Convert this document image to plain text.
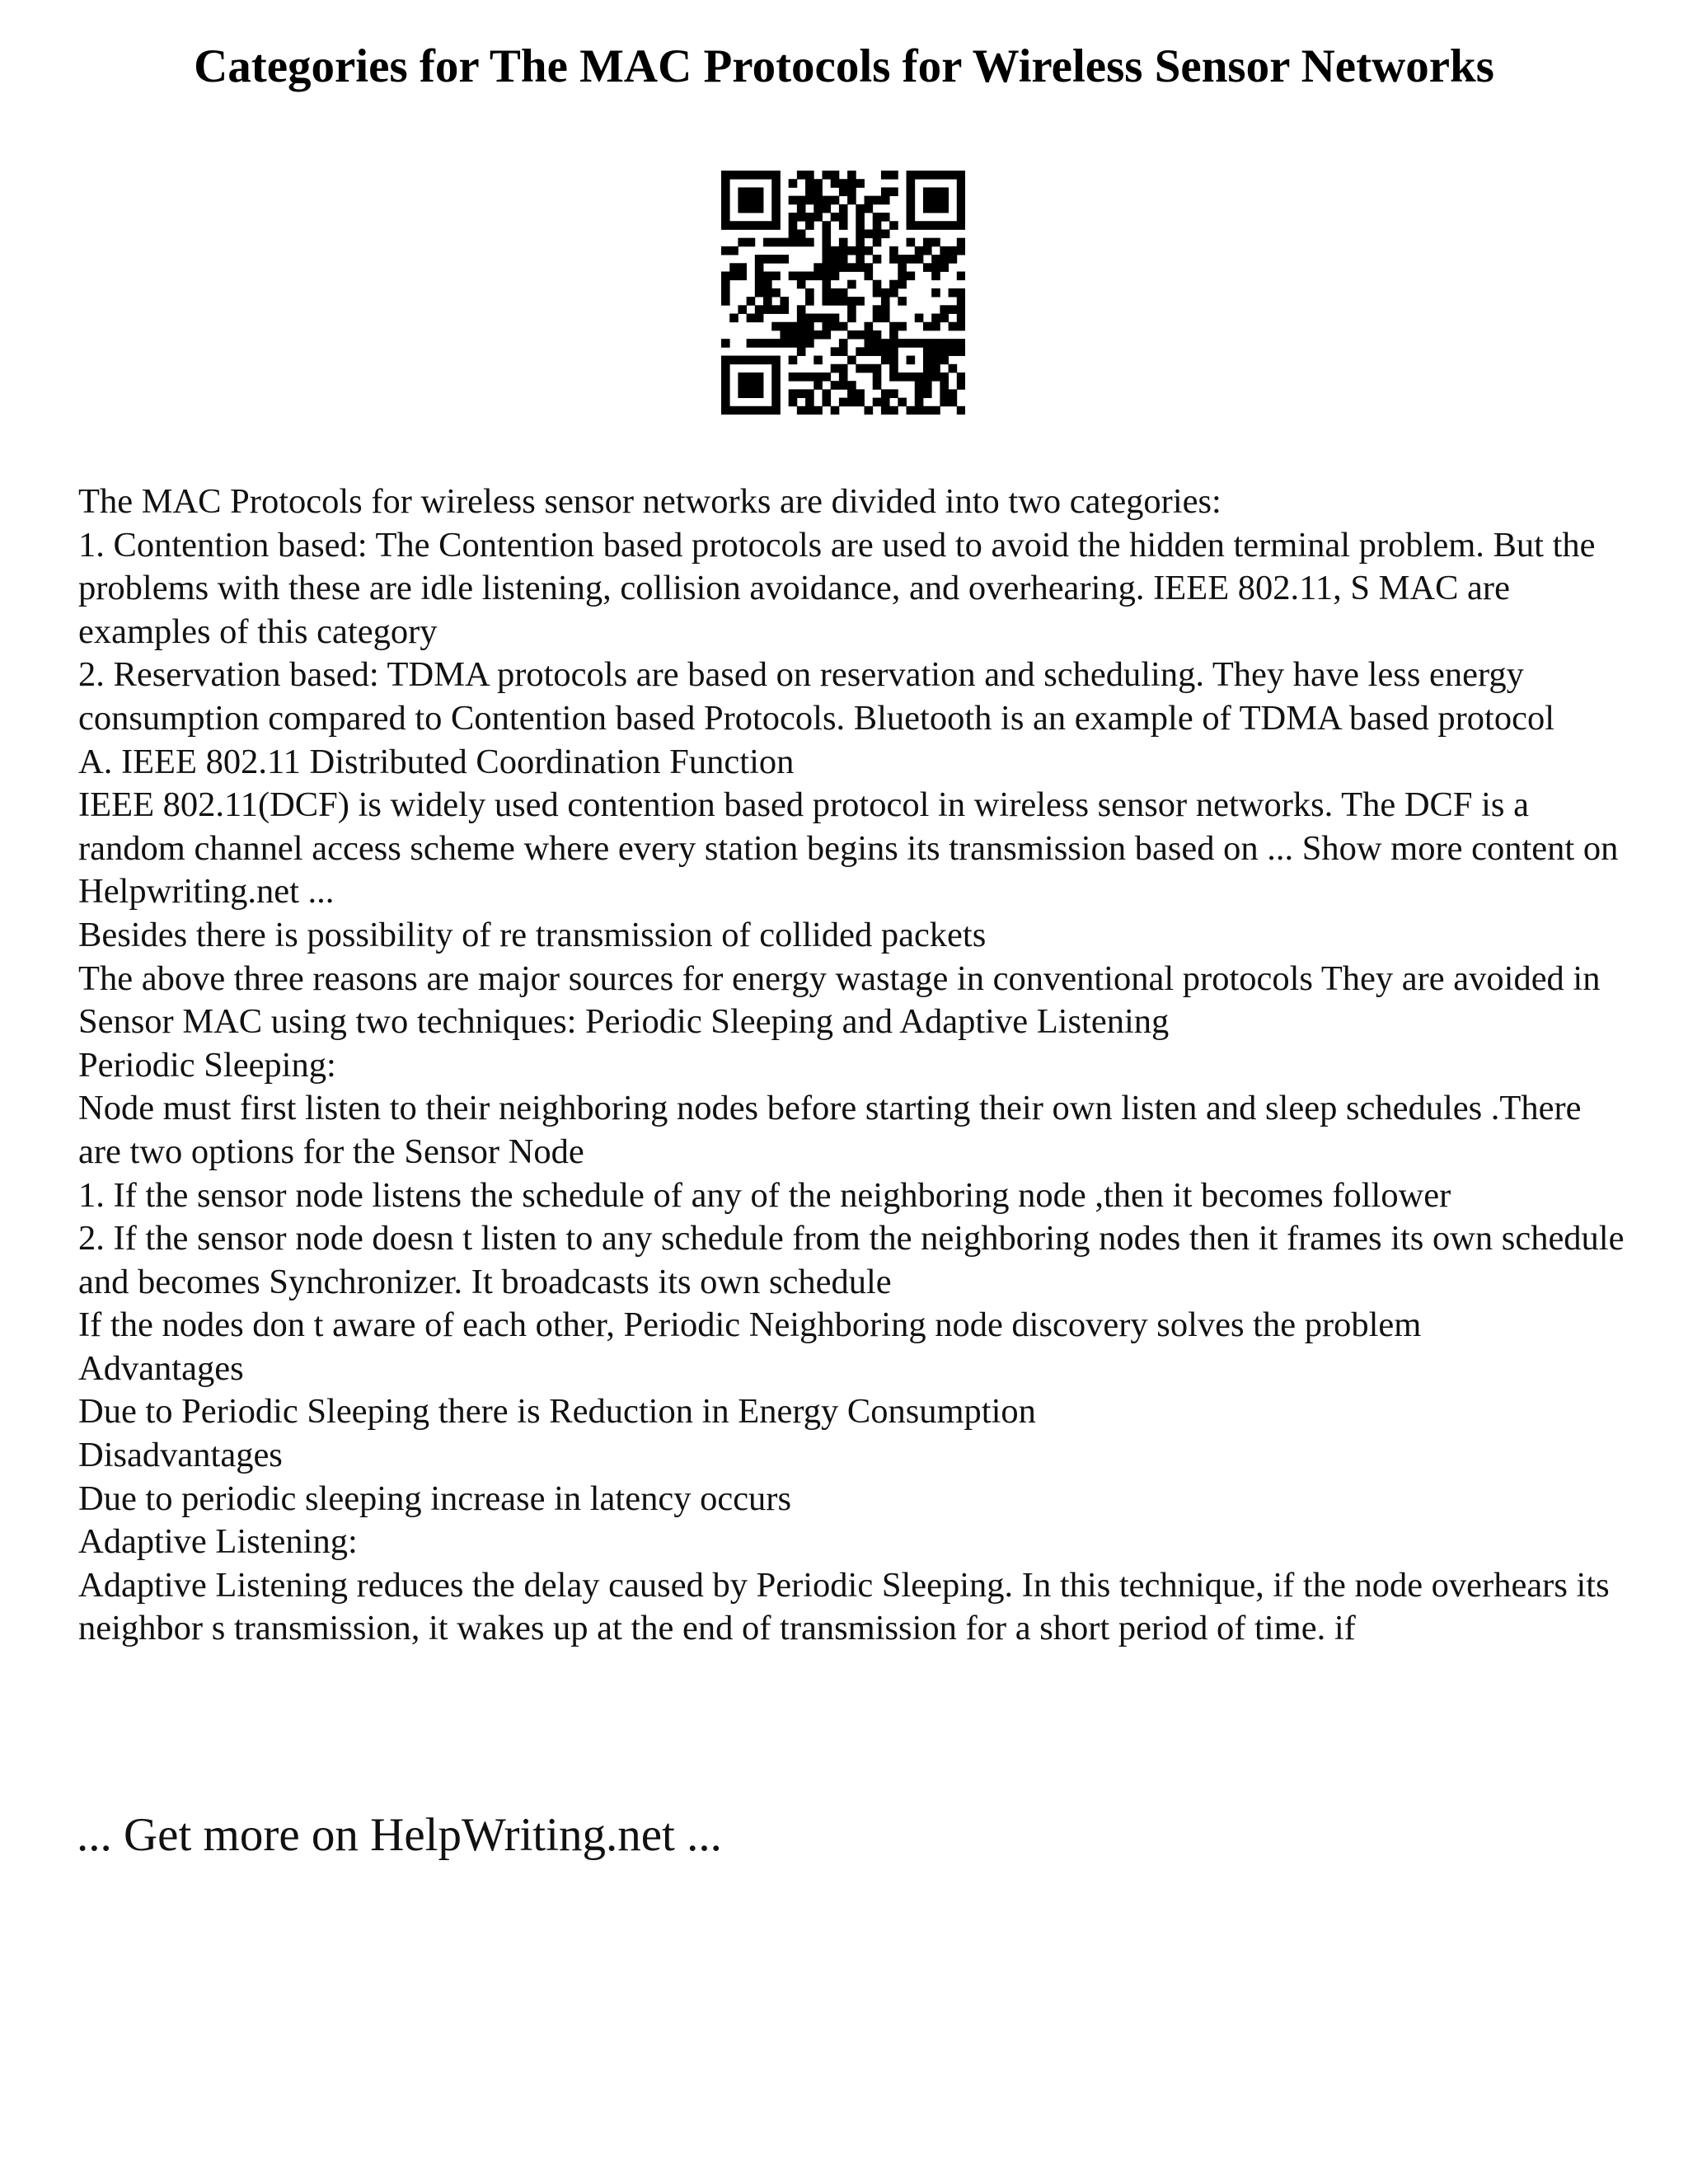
Categories for The MAC Protocols for Wireless Sensor Networks

The MAC Protocols for wireless sensor networks are divided into two categories:

1. Contention based: The Contention based protocols are used to avoid the hidden terminal problem. But the problems with these are idle listening, collision avoidance, and overhearing. IEEE 802.11, S MAC are examples of this category

2. Reservation based: TDMA protocols are based on reservation and scheduling. They have less energy consumption compared to Contention based Protocols. Bluetooth is an example of TDMA based protocol

A. IEEE 802.11 Distributed Coordination Function

IEEE 802.11(DCF) is widely used contention based protocol in wireless sensor networks. The DCF is a random channel access scheme where every station begins its transmission based on ... Show more content on Helpwriting.net ...

Besides there is possibility of re transmission of collided packets

The above three reasons are major sources for energy wastage in conventional protocols They are avoided in Sensor MAC using two techniques: Periodic Sleeping and Adaptive Listening

Periodic Sleeping:

Node must first listen to their neighboring nodes before starting their own listen and sleep schedules .There are two options for the Sensor Node

1. If the sensor node listens the schedule of any of the neighboring node ,then it becomes follower

2. If the sensor node doesn t listen to any schedule from the neighboring nodes then it frames its own schedule and becomes Synchronizer. It broadcasts its own schedule

If the nodes don t aware of each other, Periodic Neighboring node discovery solves the problem

Advantages

Due to Periodic Sleeping there is Reduction in Energy Consumption

Disadvantages

Due to periodic sleeping increase in latency occurs

Adaptive Listening:

Adaptive Listening reduces the delay caused by Periodic Sleeping. In this technique, if the node overhears its neighbor s transmission, it wakes up at the end of transmission for a short period of time. if

... Get more on HelpWriting.net ...
